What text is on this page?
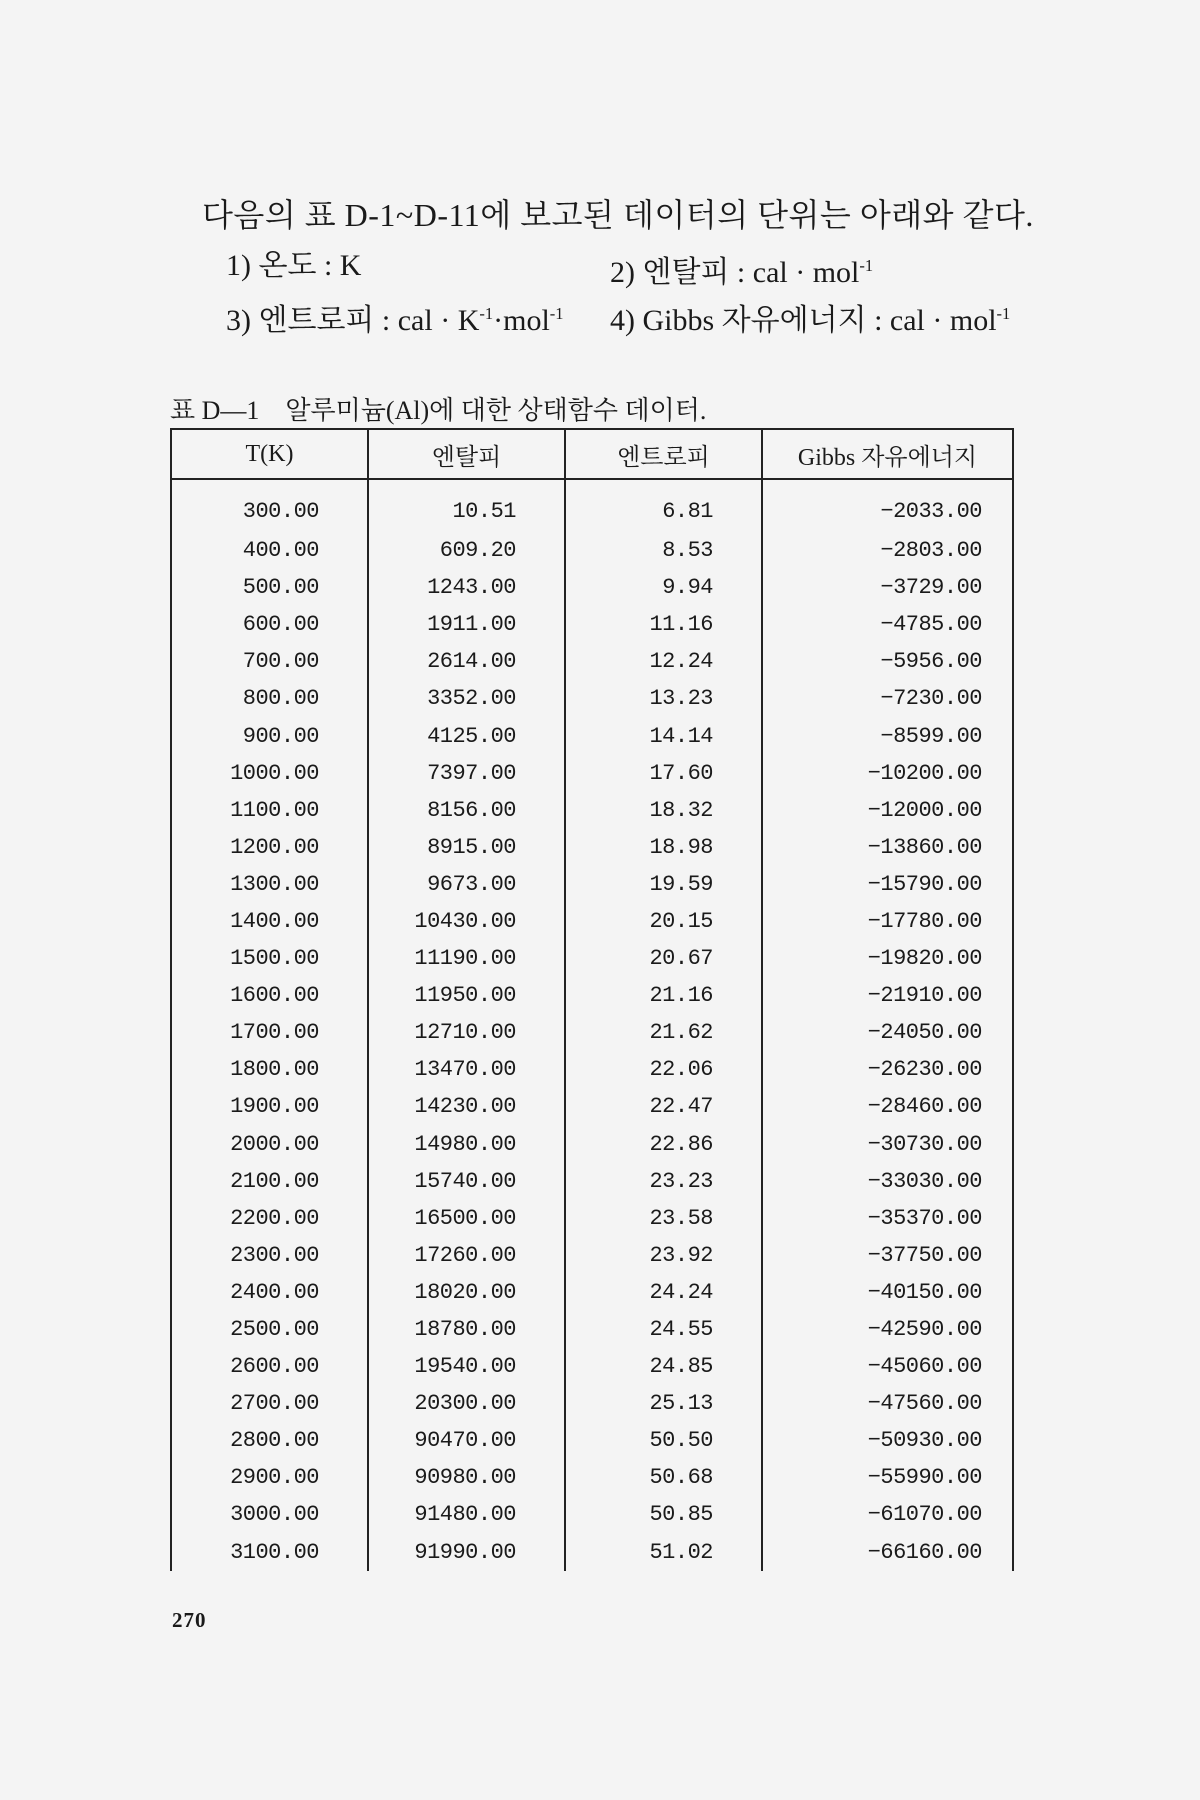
다음의 표 D-1~D-11에 보고된 데이터의 단위는 아래와 같다.
1) 온도 : K	2) 엔탈피 : cal · mol$^{-1}$
3) 엔트로피 : cal · $K^{-1}\cdot mol^{-1}$ 4) Gibbs 자유에너지 : cal · mol$^{-1}$
표 D—1 알루미늄(Al)에 대한 상태함수 데이터.
T(K)	엔탈피	엔트로피	Gibbs 자유에너지
300.00	10.51	6.81	−2033.00
400.00	609.20	8.53	−2803.00
500.00	1243.00	9.94	−3729.00
600.00	1911.00	11.16	−4785.00
700.00	2614.00	12.24	−5956.00
800.00	3352.00	13.23	−7230.00
900.00	4125.00	14.14	−8599.00
1000.00	7397.00	17.60	−10200.00
1100.00	8156.00	18.32	−12000.00
1200.00	8915.00	18.98	−13860.00
1300.00	9673.00	19.59	−15790.00
1400.00	10430.00	20.15	−17780.00
1500.00	11190.00	20.67	−19820.00
1600.00	11950.00	21.16	−21910.00
1700.00	12710.00	21.62	−24050.00
1800.00	13470.00	22.06	−26230.00
1900.00	14230.00	22.47	−28460.00
2000.00	14980.00	22.86	−30730.00
2100.00	15740.00	23.23	−33030.00
2200.00	16500.00	23.58	−35370.00
2300.00	17260.00	23.92	−37750.00
2400.00	18020.00	24.24	−40150.00
2500.00	18780.00	24.55	−42590.00
2600.00	19540.00	24.85	−45060.00
2700.00	20300.00	25.13	−47560.00
2800.00	90470.00	50.50	−50930.00
2900.00	90980.00	50.68	−55990.00
3000.00	91480.00	50.85	−61070.00
3100.00	91990.00	51.02	−66160.00
270
